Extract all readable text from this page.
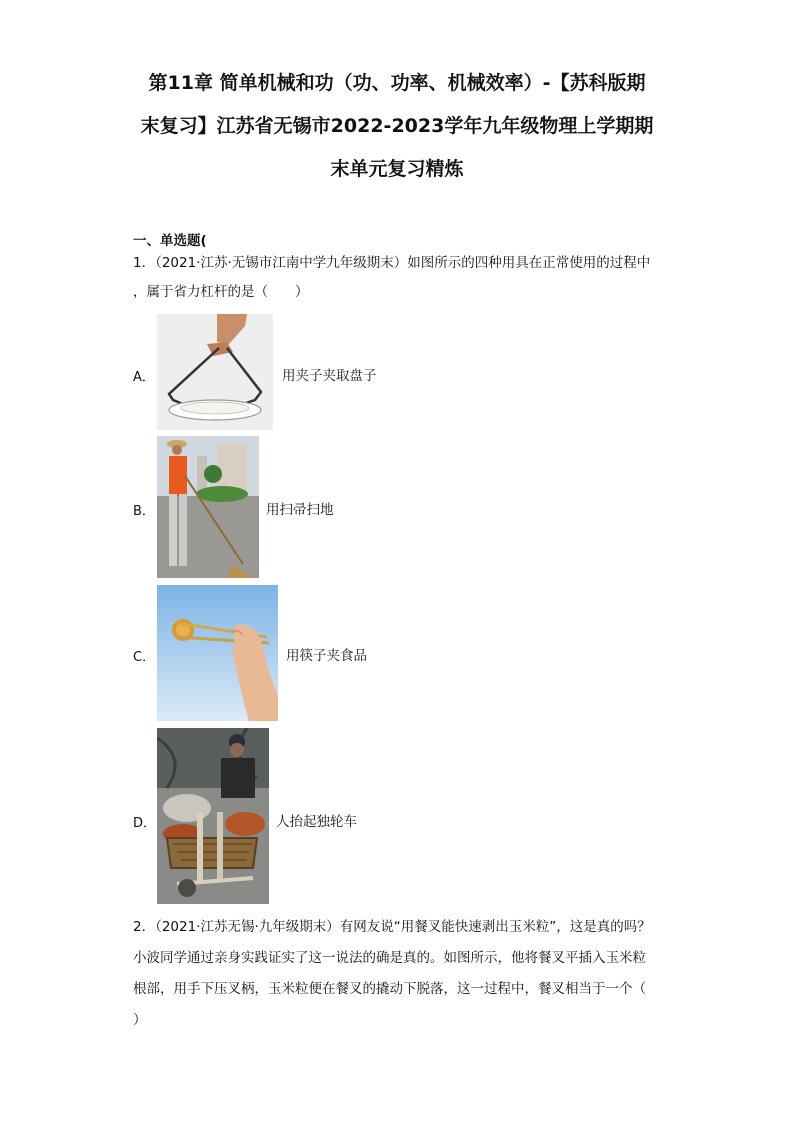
第11章 简单机械和功（功、功率、机械效率）-【苏科版期
末复习】江苏省无锡市2022-2023学年九年级物理上学期期
末单元复习精炼
一、单选题(
1．（2021·江苏·无锡市江南中学九年级期末）如图所示的四种用具在正常使用的过程中
，属于省力杠杆的是（　　）
A．	用夹子夹取盘子
B．	用扫帚扫地
C．	用筷子夹食品
D．	人抬起独轮车
2．（2021·江苏无锡·九年级期末）有网友说“用餐叉能快速剥出玉米粒”，这是真的吗？
小波同学通过亲身实践证实了这一说法的确是真的。如图所示，他将餐叉平插入玉米粒
根部，用手下压叉柄，玉米粒便在餐叉的撬动下脱落，这一过程中，餐叉相当于一个（
）
